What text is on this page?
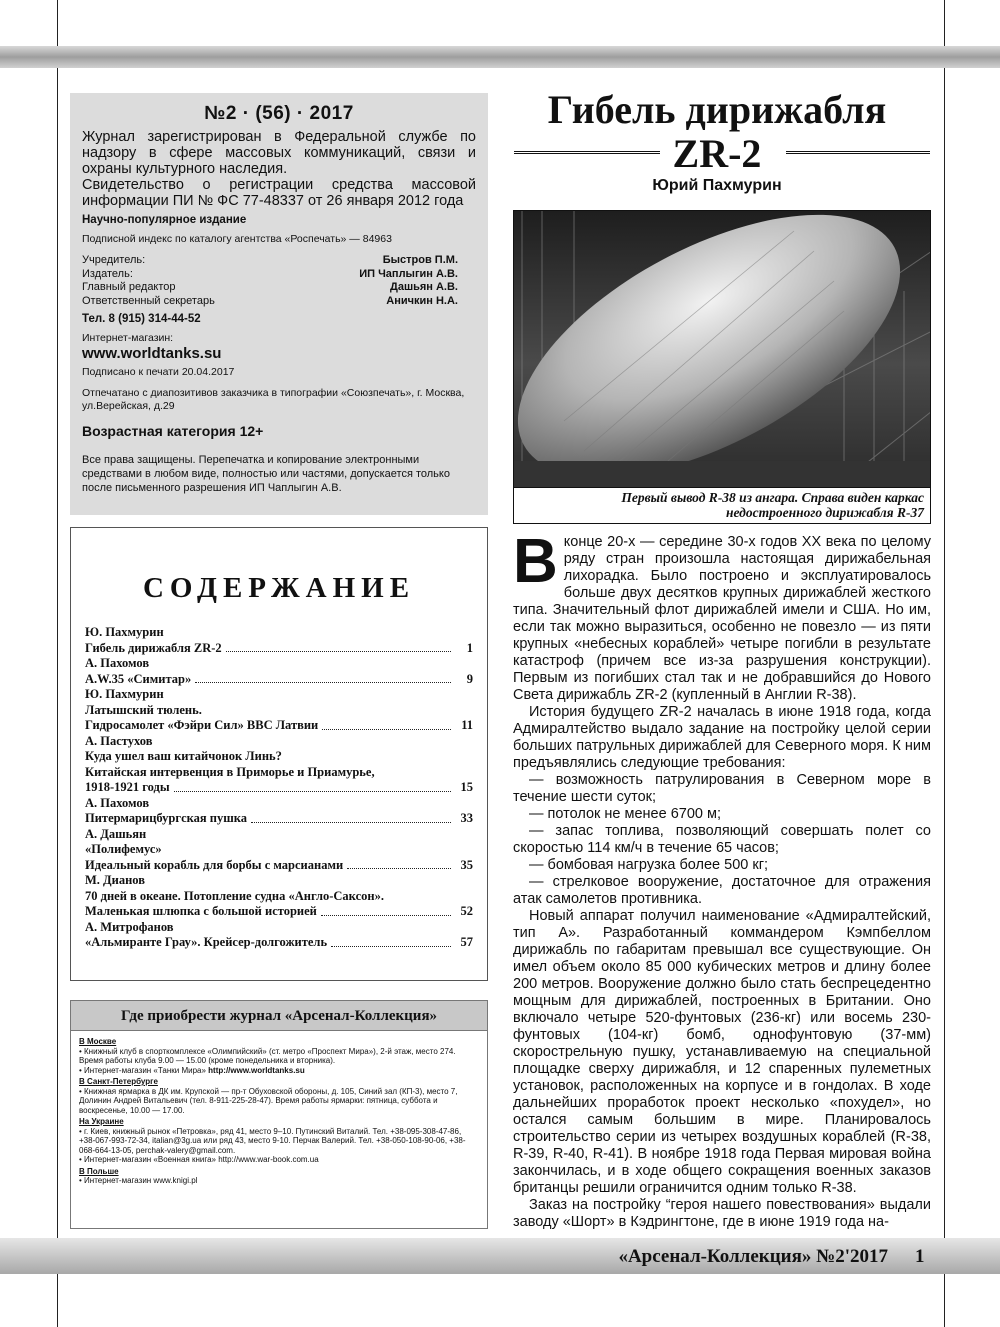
№2 · (56) · 2017
Журнал зарегистрирован в Федеральной службе по надзору в сфере массовых коммуникаций, связи и охраны культурного наследия.
Свидетельство о регистрации средства массовой информации ПИ № ФС 77-48337 от 26 января 2012 года
Научно-популярное издание
Подписной индекс по каталогу агентства «Роспечать» — 84963
Учредитель:	Быстров П.М.
Издатель:	ИП Чаплыгин А.В.
Главный редактор	Дашьян А.В.
Ответственный секретарь	Аничкин Н.А.
Тел. 8 (915) 314-44-52
Интернет-магазин:
www.worldtanks.su
Подписано к печати 20.04.2017
Отпечатано с диапозитивов заказчика в типографии «Союзпечать», г. Москва, ул.Верейская, д.29
Возрастная категория 12+
Все права защищены. Перепечатка и копирование электронными средствами в любом виде, полностью или частями, допускается только после письменного разрешения ИП Чаплыгин А.В.
СОДЕРЖАНИЕ
Ю. Пахмурин
Гибель дирижабля ZR-2	1
А. Пахомов
A.W.35 «Симитар»	9
Ю. Пахмурин
Латышский тюлень.
Гидросамолет «Фэйри Сил» ВВС Латвии	11
А. Пастухов
Куда ушел ваш китайчонок Линь?
Китайская интервенция в Приморье и Приамурье,
1918-1921 годы	15
А. Пахомов
Питермарицбургская пушка	33
А. Дашьян
«Полифемус»
Идеальный корабль для борбы с марсианами	35
М. Дианов
70 дней в океане. Потопление судна «Англо-Саксон».
Маленькая шлюпка с большой историей	52
А. Митрофанов
«Альмиранте Грау». Крейсер-долгожитель	57
Где приобрести журнал «Арсенал-Коллекция»
В Москве
• Книжный клуб в спорткомплексе «Олимпийский» (ст. метро «Проспект Мира»), 2-й этаж, место 274. Время работы клуба 9.00 — 15.00 (кроме понедельника и вторника).
• Интернет-магазин «Танки Мира» http://www.worldtanks.su
В Санкт-Петербурге
• Книжная ярмарка в ДК им. Крупской — пр-т Обуховской обороны, д. 105, Синий зал (КП-3), место 7, Долинин Андрей Витальевич (тел. 8-911-225-28-47). Время работы ярмарки: пятница, суббота и воскресенье, 10.00 — 17.00.
На Украине
• г. Киев, книжный рынок «Петровка», ряд 41, место 9–10. Путинский Виталий. Тел. +38-095-308-47-86, +38-067-993-72-34, italian@3g.ua или ряд 43, место 9-10. Перчак Валерий. Тел. +38-050-108-90-06, +38-068-664-13-05, perchak-valery@gmail.com.
• Интернет-магазин «Военная книга» http://www.war-book.com.ua
В Польше
• Интернет-магазин www.knigi.pl
Гибель дирижабля
ZR-2
Юрий Пахмурин
Первый вывод R-38 из ангара. Справа виден каркас
недостроенного дирижабля R-37

Вконце 20-х — середине 30-х годов XX века по целому ряду стран произошла настоящая дирижабельная лихорадка. Было построено и эксплуатировалось больше двух десятков крупных дирижаблей жесткого типа. Значительный флот дирижаблей имели и США. Но им, если так можно выразиться, особенно не повезло — из пяти крупных «небесных кораблей» четыре погибли в результате катастроф (причем все из-за разрушения конструкции). Первым из погибших стал так и не добравшийся до Нового Света дирижабль ZR-2 (купленный в Англии R-38).

История будущего ZR-2 началась в июне 1918 года, когда Адмиралтейство выдало задание на постройку целой серии больших патрульных дирижаблей для Северного моря. К ним предъявлялись следующие требования:

— возможность патрулирования в Северном море в течение шести суток;

— потолок не менее 6700 м;

— запас топлива, позволяющий совершать полет со скоростью 114 км/ч в течение 65 часов;

— бомбовая нагрузка более 500 кг;

— стрелковое вооружение, достаточное для отражения атак самолетов противника.

Новый аппарат получил наименование «Адмиралтейский, тип А». Разработанный коммандером Кэмпбеллом дирижабль по габаритам превышал все существующие. Он имел объем около 85 000 кубических метров и длину более 200 метров. Вооружение должно было стать беспрецедентно мощным для дирижаблей, построенных в Британии. Оно включало четыре 520-фунтовых (236-кг) или восемь 230-фунтовых (104-кг) бомб, однофунтовую (37-мм) скорострельную пушку, устанавливаемую на специальной площадке сверху дирижабля, и 12 спаренных пулеметных установок, расположенных на корпусе и в гондолах. В ходе дальнейших проработок проект несколько «похудел», но остался самым большим в мире. Планировалось строительство серии из четырех воздушных кораблей (R-38, R-39, R-40, R-41). В ноябре 1918 года Первая мировая война закончилась, и в ходе общего сокращения военных заказов британцы решили ограничится одним только R-38.

Заказ на постройку “героя нашего повествования» выдали заводу «Шорт» в Кэдрингтоне, где в июне 1919 года на-

«Арсенал-Коллекция» №2'2017 1
